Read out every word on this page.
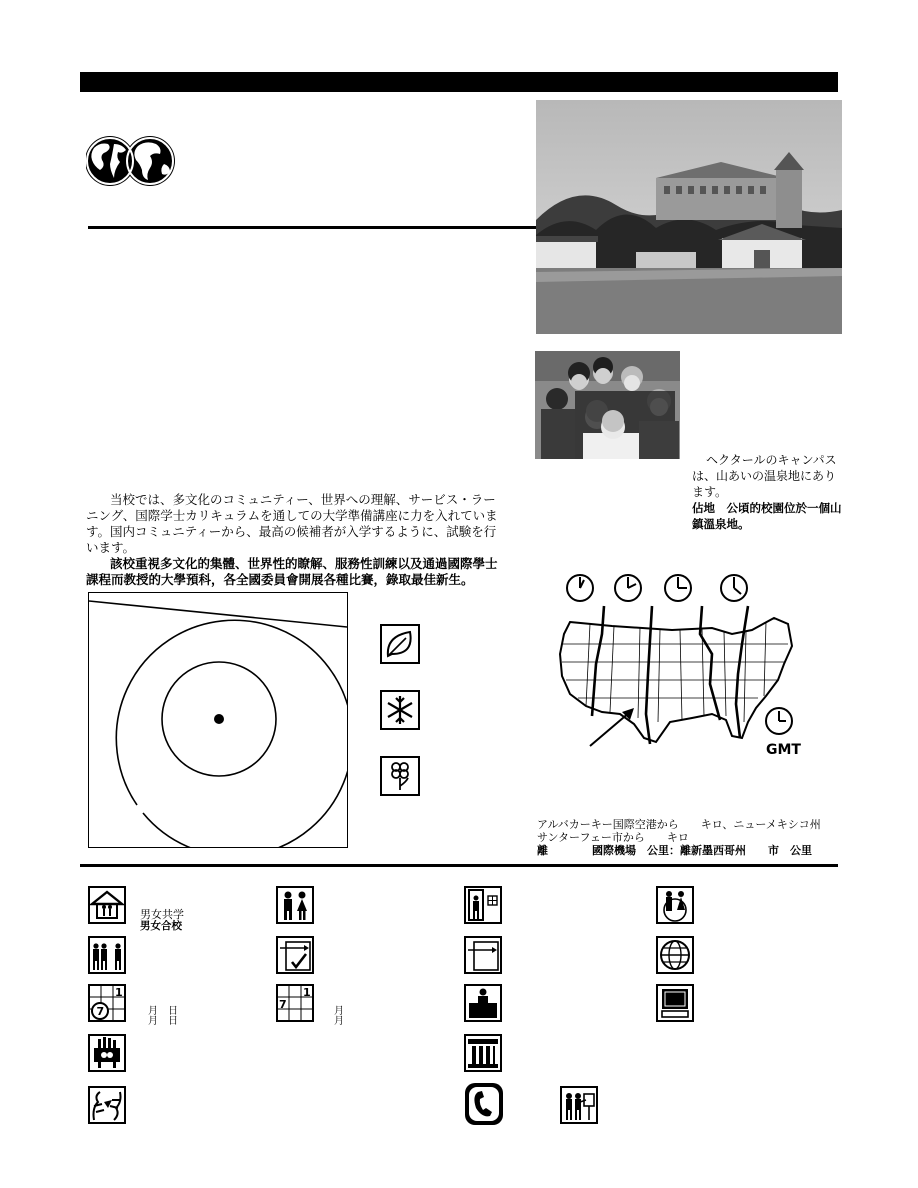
ヘクタールのキャンパスは、山あいの温泉地にあります。

佔地　公頃的校園位於一個山鎮溫泉地。

当校では、多文化のコミュニティー、世界への理解、サービス・ラーニング、国際学士カリキュラムを通しての大学準備講座に力を入れています。国内コミュニティーから、最高の候補者が入学するように、試験を行います。

該校重視多文化的集體、世界性的瞭解、服務性訓練以及通過國際學士課程而教授的大學預科，各全國委員會開展各種比賽，錄取最佳新生。

GMT
アルバカーキー国際空港から　　キロ、ニューメキシコ州
サンターフェー市から　　キロ
離　　　　國際機場　公里：離新墨西哥州　　市　公里
男女共学
男女合校
1
7	月　日
月　日
1
7
月
月
